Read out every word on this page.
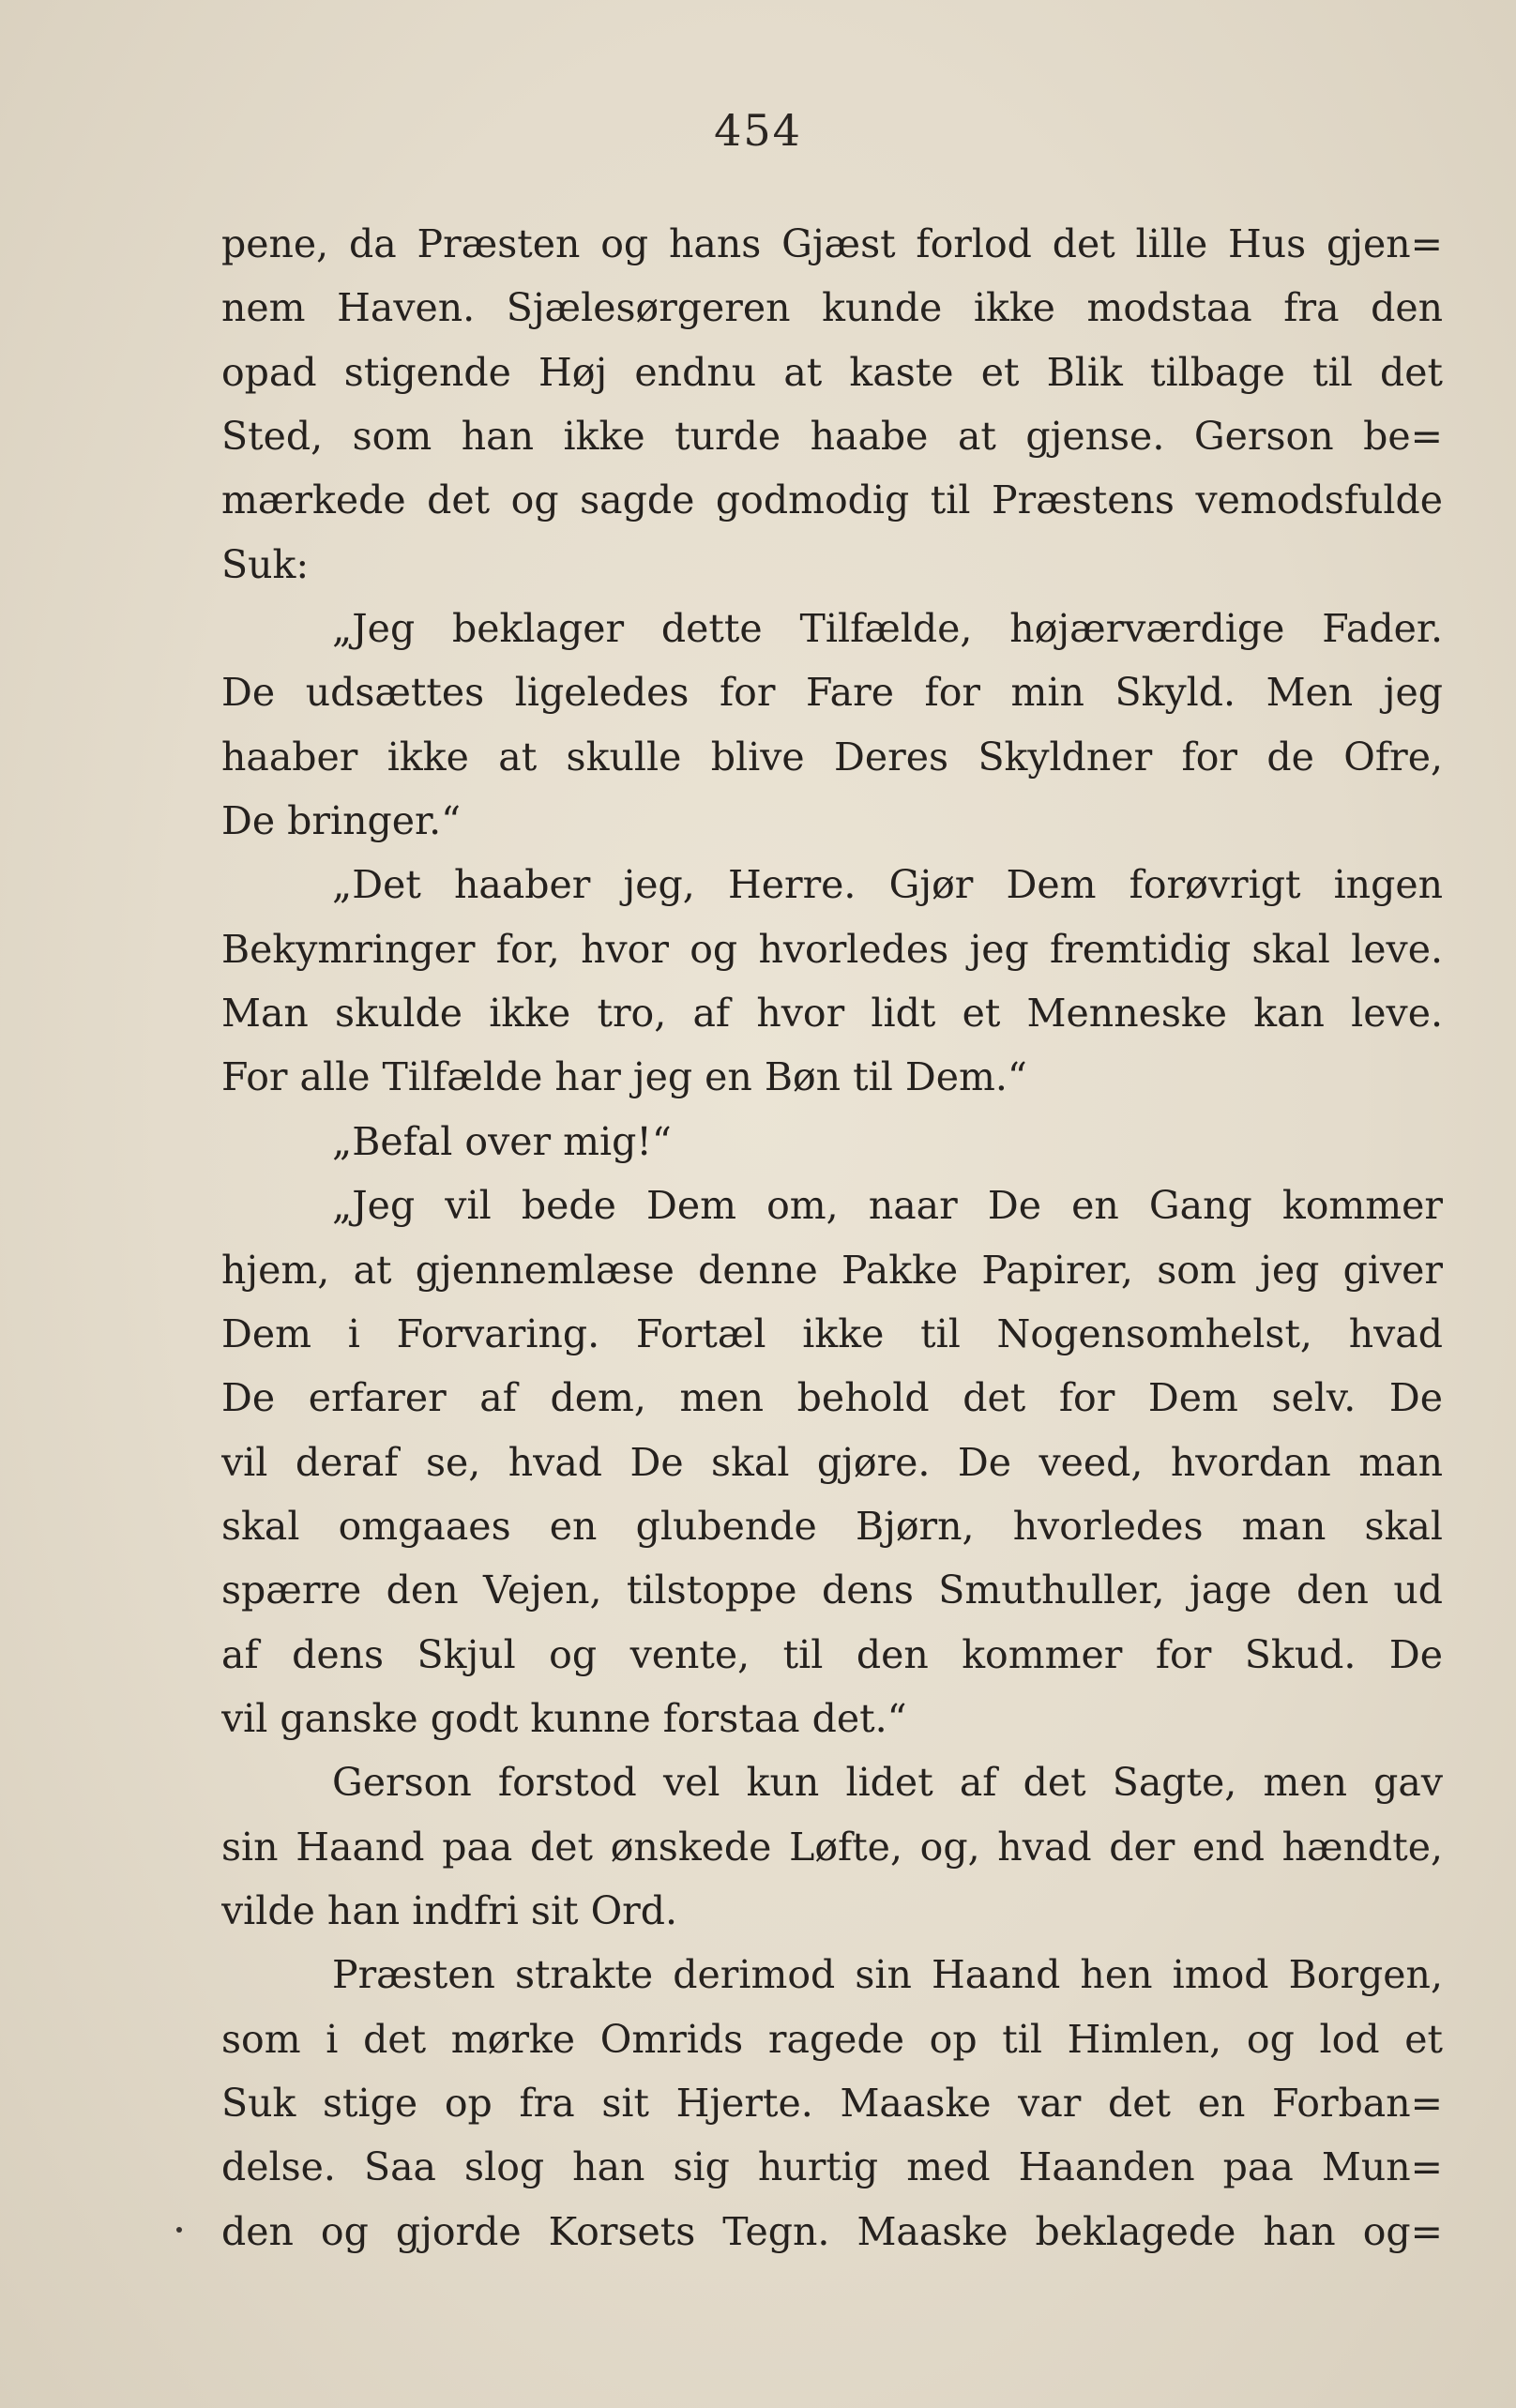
454
pene, da Præsten og hans Gjæst forlod det lille Hus gjen=
nem Haven. Sjælesørgeren kunde ikke modstaa fra den
opad stigende Høj endnu at kaste et Blik tilbage til det
Sted, som han ikke turde haabe at gjense. Gerson be=
mærkede det og sagde godmodig til Præstens vemodsfulde
Suk:
„Jeg beklager dette Tilfælde, højærværdige Fader.
De udsættes ligeledes for Fare for min Skyld. Men jeg
haaber ikke at skulle blive Deres Skyldner for de Ofre,
De bringer.“
„Det haaber jeg, Herre. Gjør Dem forøvrigt ingen
Bekymringer for, hvor og hvorledes jeg fremtidig skal leve.
Man skulde ikke tro, af hvor lidt et Menneske kan leve.
For alle Tilfælde har jeg en Bøn til Dem.“
„Befal over mig!“
„Jeg vil bede Dem om, naar De en Gang kommer
hjem, at gjennemlæse denne Pakke Papirer, som jeg giver
Dem i Forvaring. Fortæl ikke til Nogensomhelst, hvad
De erfarer af dem, men behold det for Dem selv. De
vil deraf se, hvad De skal gjøre. De veed, hvordan man
skal omgaaes en glubende Bjørn, hvorledes man skal
spærre den Vejen, tilstoppe dens Smuthuller, jage den ud
af dens Skjul og vente, til den kommer for Skud. De
vil ganske godt kunne forstaa det.“
Gerson forstod vel kun lidet af det Sagte, men gav
sin Haand paa det ønskede Løfte, og, hvad der end hændte,
vilde han indfri sit Ord.
Præsten strakte derimod sin Haand hen imod Borgen,
som i det mørke Omrids ragede op til Himlen, og lod et
Suk stige op fra sit Hjerte. Maaske var det en Forban=
delse. Saa slog han sig hurtig med Haanden paa Mun=
den og gjorde Korsets Tegn. Maaske beklagede han og=
